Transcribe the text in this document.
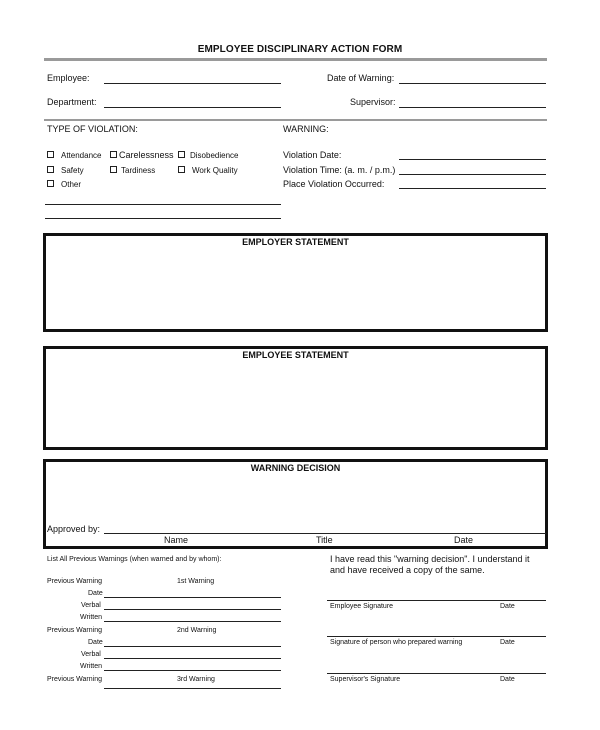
EMPLOYEE DISCIPLINARY ACTION FORM
Employee:	Date of Warning:
Department:	Supervisor:
TYPE OF VIOLATION:
Attendance Carelessness Disobedience
Safety	Tardiness	Work Quality
Other
WARNING:
Violation Date:
Violation Time: (a. m. / p.m.)
Place Violation Occurred:
EMPLOYER STATEMENT
EMPLOYEE STATEMENT
WARNING DECISION
Approved by:
Name	Title	Date
List All Previous Warnings (when warned and by whom):
Previous Warning	1st Warning
Date
Verbal
Written
Previous Warning	2nd Warning
Date
Verbal
Written
Previous Warning	3rd Warning
I have read this "warning decision". I understand it
and have received a copy of the same.
Employee Signature	Date
Signature of person who prepared warning	Date
Supervisor's Signature	Date
